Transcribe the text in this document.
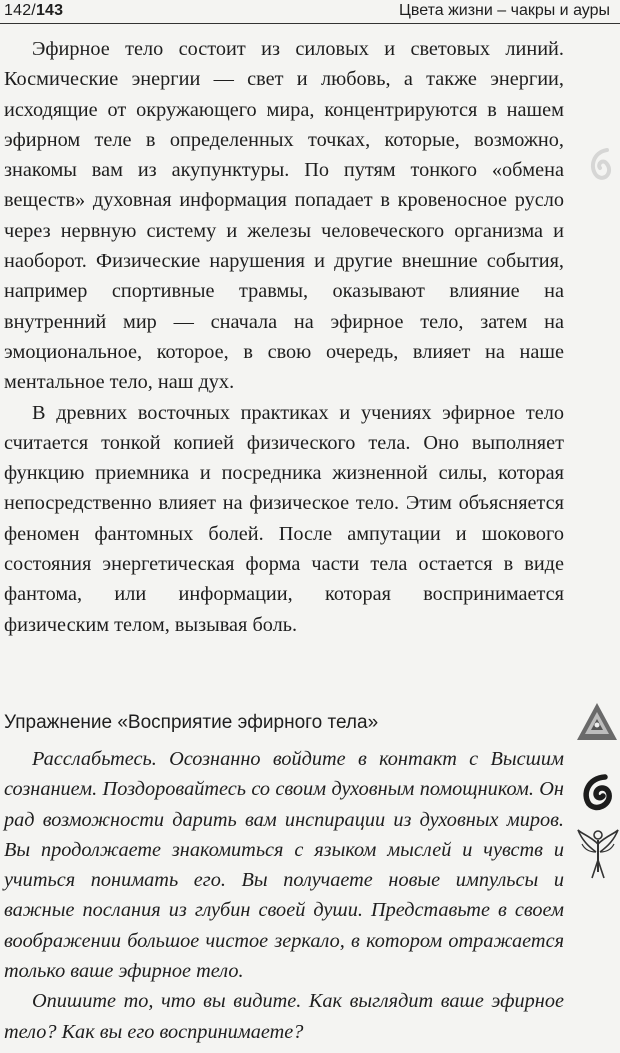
142/143	Цвета жизни – чакры и ауры

Эфирное тело состоит из силовых и световых линий. Космические энергии — свет и любовь, а также энергии, исходящие от окружающего мира, концентрируются в нашем эфирном теле в определенных точках, которые, возможно, знакомы вам из акупунктуры. По путям тонкого «обмена веществ» духовная информация попадает в кровеносное русло через нервную систему и железы человеческого организма и наоборот. Физические нарушения и другие внешние события, например спортивные травмы, оказывают влияние на внутренний мир — сначала на эфирное тело, затем на эмоциональное, которое, в свою очередь, влияет на наше ментальное тело, наш дух.

В древних восточных практиках и учениях эфирное тело считается тонкой копией физического тела. Оно выполняет функцию приемника и посредника жизненной силы, которая непосредственно влияет на физическое тело. Этим объясняется феномен фантомных болей. После ампутации и шокового состояния энергетическая форма части тела остается в виде фантома, или информации, которая воспринимается физическим телом, вызывая боль.

Упражнение «Восприятие эфирного тела»

Расслабьтесь. Осознанно войдите в контакт с Высшим сознанием. Поздоровайтесь со своим духовным помощником. Он рад возможности дарить вам инспирации из духовных миров. Вы продолжаете знакомиться с языком мыслей и чувств и учиться понимать его. Вы получаете новые импульсы и важные послания из глубин своей души. Представьте в своем воображении большое чистое зеркало, в котором отражается только ваше эфирное тело.

Опишите то, что вы видите. Как выглядит ваше эфирное тело? Как вы его воспринимаете?
